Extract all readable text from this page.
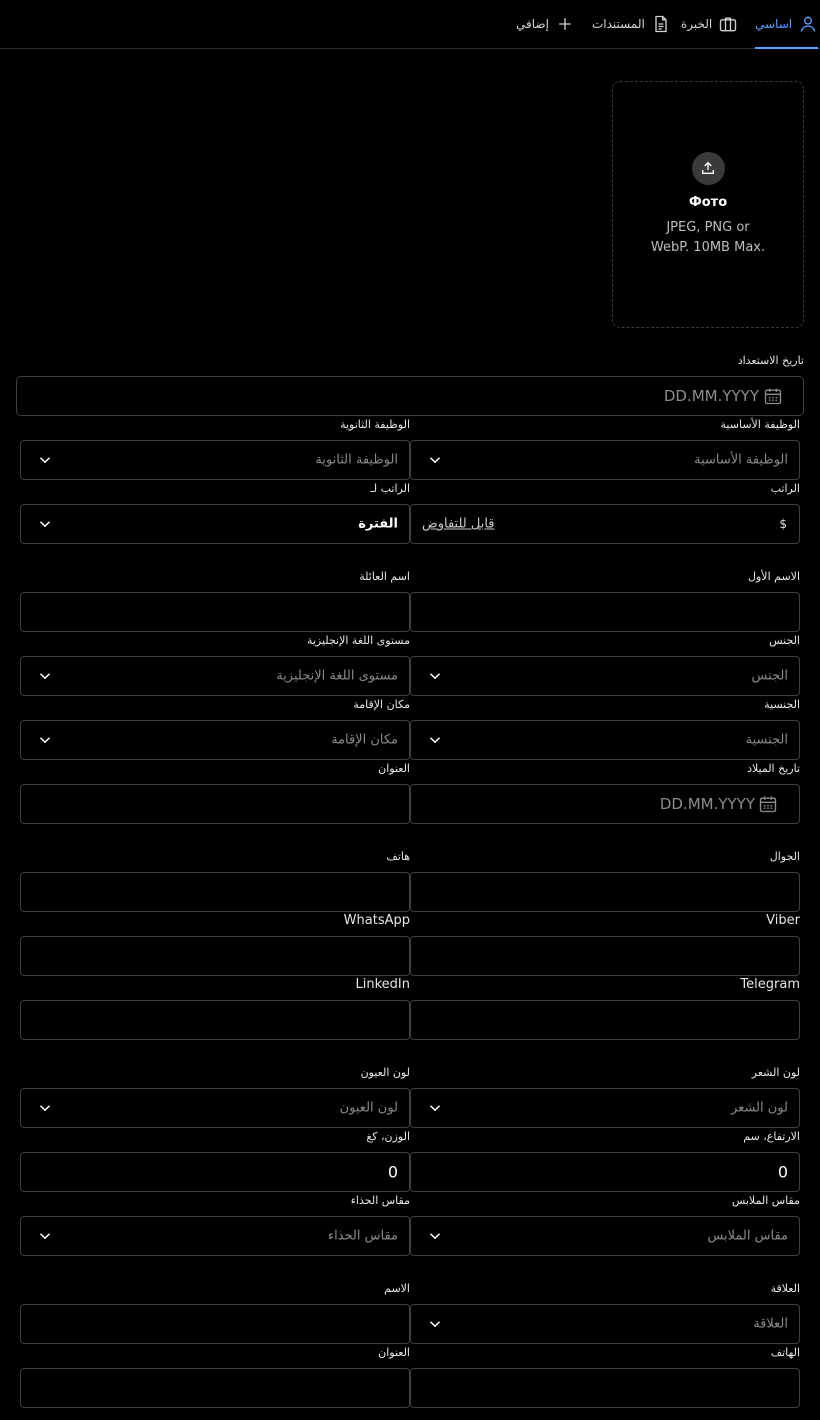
اساسي
الخبرة
المستندات
إضافي
Фото
JPEG, PNG or
WebP. 10MB Max.
تاريخ الاستعداد
DD.MM.YYYY
الوظيفة الأساسية
الوظيفة الأساسية
الوظيفة الثانوية
الوظيفة الثانوية
الراتب
$
قابل للتفاوض
الراتب لـ
الفترة
الاسم الأول
اسم العائلة
الجنس
الجنس
مستوى اللغة الإنجليزية
مستوى اللغة الإنجليزية
الجنسية
الجنسية
مكان الإقامة
مكان الإقامة
تاريخ الميلاد
DD.MM.YYYY
العنوان
الجوال
هاتف
Viber
WhatsApp
Telegram
LinkedIn
لون الشعر
لون الشعر
لون العيون
لون العيون
الارتفاع، سم
0
الوزن، كغ
0
مقاس الملابس
مقاس الملابس
مقاس الحذاء
مقاس الحذاء
العلاقة
العلاقة
الاسم
الهاتف
العنوان
